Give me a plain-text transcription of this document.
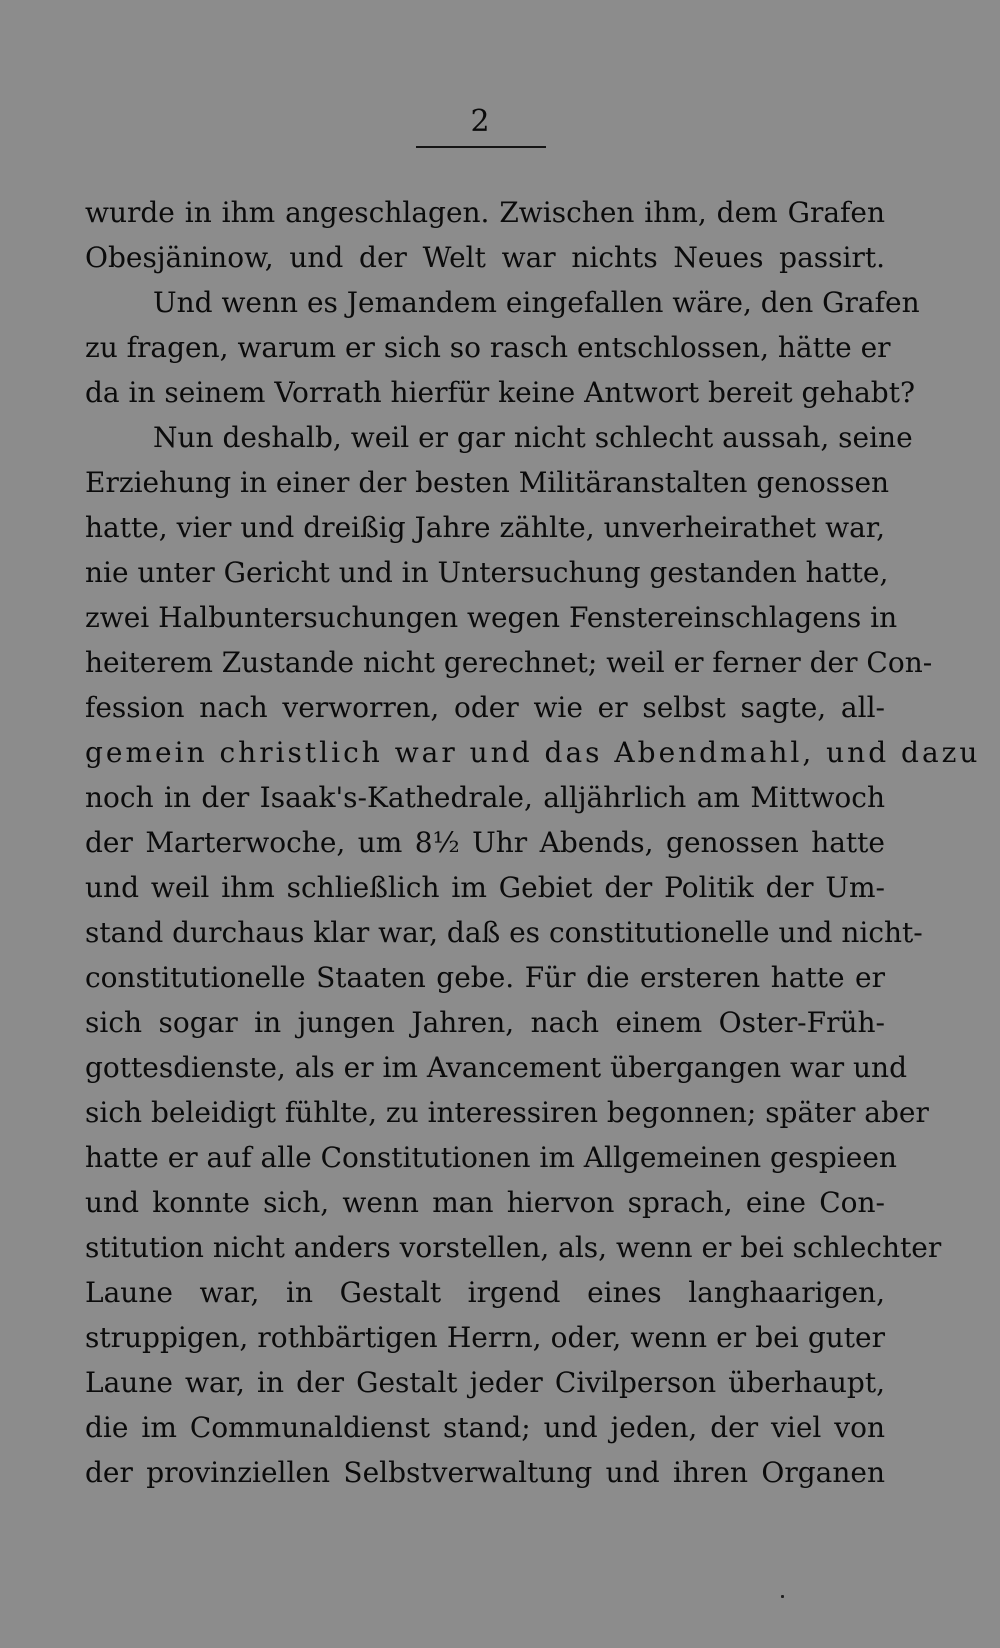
2
wurde in ihm angeschlagen. Zwischen ihm, dem Grafen
Obesjäninow, und der Welt war nichts Neues passirt.
Und wenn es Jemandem eingefallen wäre, den Grafen
zu fragen, warum er sich so rasch entschlossen, hätte er
da in seinem Vorrath hierfür keine Antwort bereit gehabt?
Nun deshalb, weil er gar nicht schlecht aussah, seine
Erziehung in einer der besten Militäranstalten genossen
hatte, vier und dreißig Jahre zählte, unverheirathet war,
nie unter Gericht und in Untersuchung gestanden hatte,
zwei Halbuntersuchungen wegen Fenstereinschlagens in
heiterem Zustande nicht gerechnet; weil er ferner der Con-
fession nach verworren, oder wie er selbst sagte, all-
gemein christlich war und das Abendmahl, und dazu
noch in der Isaak's-Kathedrale, alljährlich am Mittwoch
der Marterwoche, um 8½ Uhr Abends, genossen hatte
und weil ihm schließlich im Gebiet der Politik der Um-
stand durchaus klar war, daß es constitutionelle und nicht-
constitutionelle Staaten gebe. Für die ersteren hatte er
sich sogar in jungen Jahren, nach einem Oster-Früh-
gottesdienste, als er im Avancement übergangen war und
sich beleidigt fühlte, zu interessiren begonnen; später aber
hatte er auf alle Constitutionen im Allgemeinen gespieen
und konnte sich, wenn man hiervon sprach, eine Con-
stitution nicht anders vorstellen, als, wenn er bei schlechter
Laune war, in Gestalt irgend eines langhaarigen,
struppigen, rothbärtigen Herrn, oder, wenn er bei guter
Laune war, in der Gestalt jeder Civilperson überhaupt,
die im Communaldienst stand; und jeden, der viel von
der provinziellen Selbstverwaltung und ihren Organen
